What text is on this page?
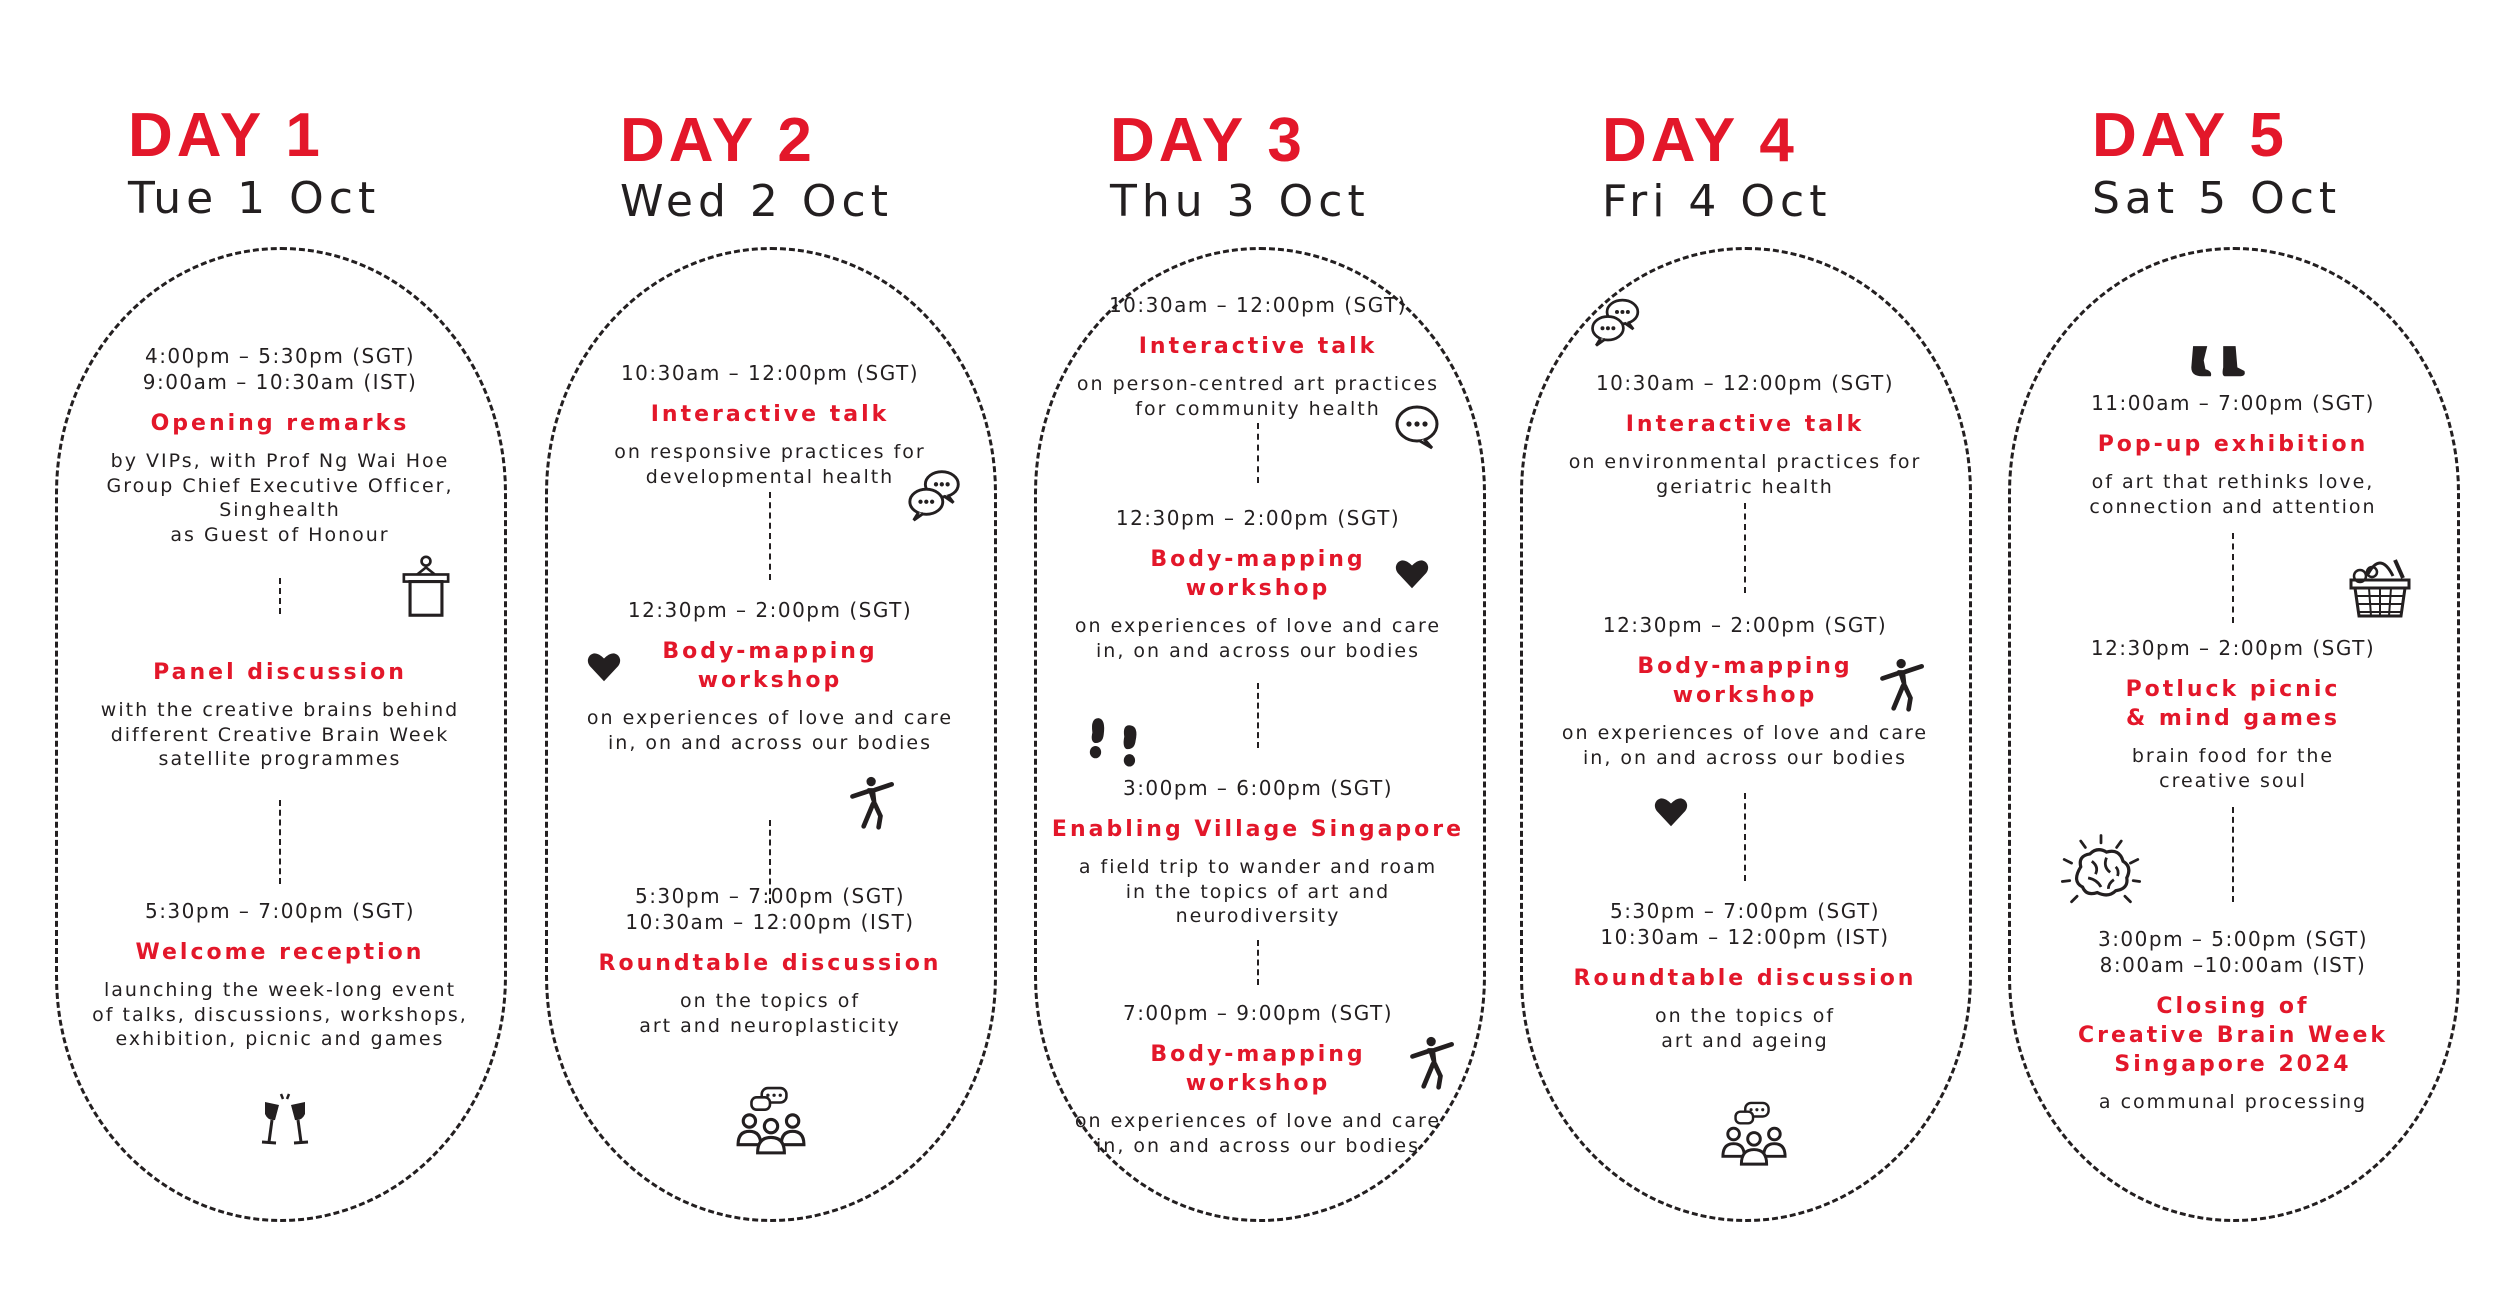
DAY 1
Tue 1 Oct
4:00pm – 5:30pm (SGT)
9:00am – 10:30am (IST)
Opening remarks
by VIPs, with Prof Ng Wai Hoe
Group Chief Executive Officer,
Singhealth
as Guest of Honour
Panel discussion
with the creative brains behind
different Creative Brain Week
satellite programmes
5:30pm – 7:00pm (SGT)
Welcome reception
launching the week-long event
of talks, discussions, workshops,
exhibition, picnic and games
DAY 2
Wed 2 Oct
10:30am – 12:00pm (SGT)
Interactive talk
on responsive practices for
developmental health
12:30pm – 2:00pm (SGT)
Body-mapping
workshop
on experiences of love and care
in, on and across our bodies
5:30pm – 7:00pm (SGT)
10:30am – 12:00pm (IST)
Roundtable discussion
on the topics of
art and neuroplasticity
DAY 3
Thu 3 Oct
10:30am – 12:00pm (SGT)
Interactive talk
on person-centred art practices
for community health
12:30pm – 2:00pm (SGT)
Body-mapping
workshop
on experiences of love and care
in, on and across our bodies
3:00pm – 6:00pm (SGT)
Enabling Village Singapore
a field trip to wander and roam
in the topics of art and
neurodiversity
7:00pm – 9:00pm (SGT)
Body-mapping
workshop
on experiences of love and care
in, on and across our bodies
DAY 4
Fri 4 Oct
10:30am – 12:00pm (SGT)
Interactive talk
on environmental practices for
geriatric health
12:30pm – 2:00pm (SGT)
Body-mapping
workshop
on experiences of love and care
in, on and across our bodies
5:30pm – 7:00pm (SGT)
10:30am – 12:00pm (IST)
Roundtable discussion
on the topics of
art and ageing
DAY 5
Sat 5 Oct
11:00am – 7:00pm (SGT)
Pop-up exhibition
of art that rethinks love,
connection and attention
12:30pm – 2:00pm (SGT)
Potluck picnic
& mind games
brain food for the
creative soul
3:00pm – 5:00pm (SGT)
8:00am –10:00am (IST)
Closing of
Creative Brain Week
Singapore 2024
a communal processing
